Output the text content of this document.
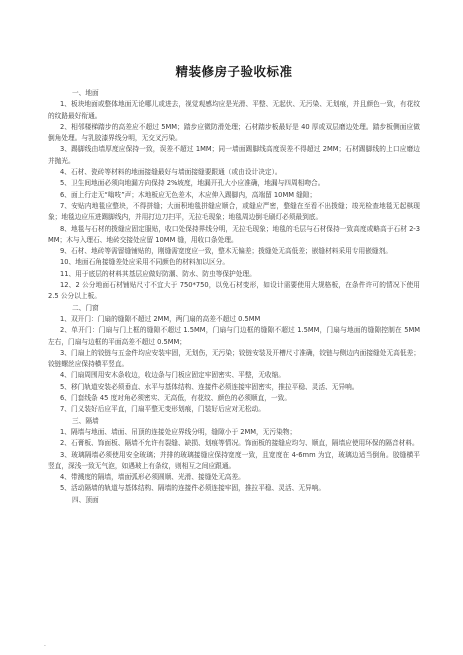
精装修房子验收标准

一、地面

1、板块地面或整体地面无论哪儿或进去，视觉观感均应是光滑、平整、无起伏、无污染、无划痕，并且颜色一致，有花纹的纹路最好衔通。

2、相邻楼梯踏步的高差应不超过 5MM；踏步应微防滑处理；石材踏步板最好是 40 厚或双层磨边处理。踏步板侧面应做倒角处理。与乳胶漆界线分明，无交叉污染。

3、踢脚线由墙厚度应保持一致，误差不超过 1MM；同一墙面踢脚线高度误差不得超过 2MM；石材踢脚线的上口应磨边并抛光。

4、石材、瓷砖等材料的地面接缝最好与墙面接缝要跟通（或由设计决定）。

5、卫生间地面必须向地漏方向保持 2%坡度，地漏开孔大小应准确，地漏与四周相吻合。

6、面上行走无“嗡吱”声；木地板应无色差木，木应伸入踢脚内，高端留 10MM 缝隙；

7、安贴内地毯应整块，不得拼缝；大面积地毯拼缝应顺合，或缝应严密，整缝在至看不出拨缝；竣光检查地毯无起棋现象；地毯边应压进踢脚线内，并用打边刀扫平，无拉毛现象；地毯周边倒毛刷灯必须最到底。

8、地毯与石材的拨缝应固定服贴，收口处保持界线分明，无拉毛现象；地毯的毛层与石材保持一致高度或略高于石材 2-3MM；木与入理石、地砖交接处应留 10MM 缝，用收口条处理。

9、石材、地砖等需留缝铺贴的，刚缝需宽度应一致，整木无偏差；拨缝处无高低差；嵌缝材料采用专用嵌缝剂。

10、地面石角接缝差处应采用不同颜色的材料加以区分。

11、用于底层的材料其基层应做好防潮、防水、防虫等保护处理。

12、2 公分地面石材铺贴尺寸不宜大于 750*750，以免石材变形，如设计需要使用大规格板，在条件许可的情况下使用 2.5 公分以上板。

二、门窗

1、双开门：门扇的缝隙不超过 2MM，两门扇的高差不超过 0.5MM

2、单开门：门扇与门上框的缝隙不超过 1.5MM，门扇与门边框的缝隙不超过 1.5MM，门扇与地面的缝隙控制在 5MM 左右，门扇与边框的平面高差不超过 0.5MM；

3、门扇上的铰链与五金件均应安装牢固，无划伤，无污染；铰链安装及开槽尺寸准确，铰链与侧边内面接缝处无高低差；铰链螺丝应保持横平竖直。

4、门扇周围用安木条收边，收边条与门板应固定牢固密实、平整，无收缩。

5、移门轨道安装必须垂直、水平与基体结构、连接件必须连接牢固密实，推拉平稳、灵活、无异响。

6、门套线条 45 度对角必须密实、无高低，有花纹、颜色的必须顺直，一致。

7、门义装好后应平直，门扇平整无变形划痕，门装好后应对无松动。

三、隔墙

1、隔墙与地面、墙面、吊顶的连接处应界线分明，缝隙小于 2MM，无污染物；

2、石膏板、饰面板、隔墙不允许有裂缝、缺损、划痕等情况。饰面板的接缝应均匀、顺直，隔墙应使用环保的隔音材料。

3、玻璃隔墙必须使用安全玻璃；并排的玻璃接缝应保持宽度一致，且宽度在 4-6mm 为宜，玻璃边适当倒角。胶缝横平竖直，深浅一致无气泡，如遇玻上有条纹，则相互之间应跟通。

4、带溅度的隔墙，墙面弧形必须圆顺、光滑、接缝处无高差。

5、活动隔墙的轨道与基体结构、隔墙的连接件必须连接牢固，推拉平稳、灵活、无异响。

四、顶面

.
